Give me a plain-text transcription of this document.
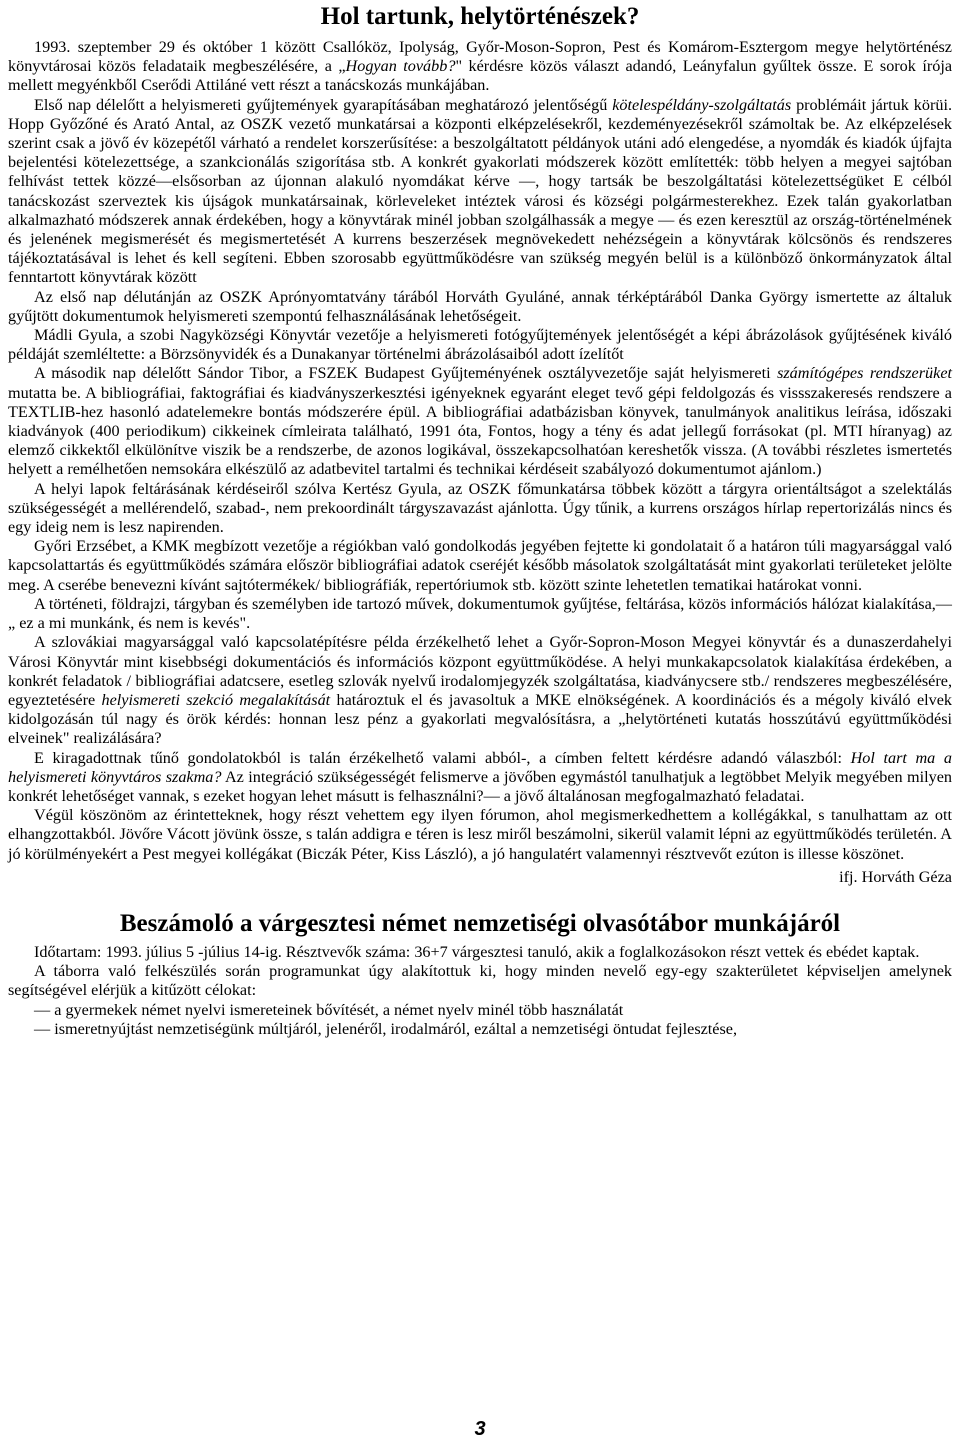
Hol tartunk, helytörténészek?

1993. szeptember 29 és október 1 között Csallóköz, Ipolyság, Győr-Moson-Sopron, Pest és Komárom-Esztergom megye helytörténész könyvtárosai közös feladataik megbeszélésére, a „Hogyan tovább?" kérdésre közös választ adandó, Leányfalun gyűltek össze. E sorok írója mellett megyénkből Cserődi Attiláné vett részt a tanácskozás munkájában.

Első nap délelőtt a helyismereti gyűjtemények gyarapításában meghatározó jelentőségű kötelespéldány-szolgáltatás problémáit jártuk körüi. Hopp Győzőné és Arató Antal, az OSZK vezető munkatársai a központi elképzelésekről, kezdeményezésekről számoltak be. Az elképzelések szerint csak a jövő év közepétől várható a rendelet korszerűsítése: a beszolgáltatott példányok utáni adó elengedése, a nyomdák és kiadók újfajta bejelentési kötelezettsége, a szankcionálás szigorítása stb. A konkrét gyakorlati módszerek között említették: több helyen a megyei sajtóban felhívást tettek közzé—elsősorban az újonnan alakuló nyomdákat kérve —, hogy tartsák be beszolgáltatási kötelezettségüket E célból tanácskozást szerveztek kis újságok munkatársainak, körleveleket intéztek városi és községi polgármesterekhez. Ezek talán gyakorlatban alkalmazható módszerek annak érdekében, hogy a könyvtárak minél jobban szolgálhassák a megye — és ezen keresztül az ország-történelmének és jelenének megismerését és megismertetését A kurrens beszerzések megnövekedett nehézségein a könyvtárak kölcsönös és rendszeres tájékoztatásával is lehet és kell segíteni. Ebben szorosabb együttműködésre van szükség megyén belül is a különböző önkormányzatok által fenntartott könyvtárak között

Az első nap délutánján az OSZK Aprónyomtatvány tárából Horváth Gyuláné, annak térképtárából Danka György ismertette az általuk gyűjtött dokumentumok helyismereti szempontú felhasználásának lehetőségeit.

Mádli Gyula, a szobi Nagyközségi Könyvtár vezetője a helyismereti fotógyűjtemények jelentőségét a képi ábrázolások gyűjtésének kiváló példáját szemléltette: a Börzsönyvidék és a Dunakanyar történelmi ábrázolásaiból adott ízelítőt

A második nap délelőtt Sándor Tibor, a FSZEK Budapest Gyűjteményének osztályvezetője saját helyismereti számítógépes rendszerüket mutatta be. A bibliográfiai, faktográfiai és kiadványszerkesztési igényeknek egyaránt eleget tevő gépi feldolgozás és vissszakeresés rendszere a TEXTLIB-hez hasonló adatelemekre bontás módszerére épül. A bibliográfiai adatbázisban könyvek, tanulmányok analitikus leírása, időszaki kiadványok (400 periodikum) cikkeinek címleirata található, 1991 óta, Fontos, hogy a tény és adat jellegű forrásokat (pl. MTI híranyag) az elemző cikkektől elkülönítve viszik be a rendszerbe, de azonos logikával, összekapcsolhatóan kereshetők vissza. (A további részletes ismertetés helyett a remélhetően nemsokára elkészülő az adatbevitel tartalmi és technikai kérdéseit szabályozó dokumentumot ajánlom.)

A helyi lapok feltárásának kérdéseiről szólva Kertész Gyula, az OSZK főmunkatársa többek között a tárgyra orientáltságot a szelektálás szükségességét a mellérendelő, szabad-, nem prekoordinált tárgyszavazást ajánlotta. Úgy tűnik, a kurrens országos hírlap repertorizálás nincs és egy ideig nem is lesz napirenden.

Győri Erzsébet, a KMK megbízott vezetője a régiókban való gondolkodás jegyében fejtette ki gondolatait ő a határon túli magyarsággal való kapcsolattartás és együttműködés számára először bibliográfiai adatok cseréjét később másolatok szolgáltatását mint gyakorlati területeket jelölte meg. A cserébe benevezni kívánt sajtótermékek/ bibliográfiák, repertóriumok stb. között szinte lehetetlen tematikai határokat vonni.

A történeti, földrajzi, tárgyban és személyben ide tartozó művek, dokumentumok gyűjtése, feltárása, közös információs hálózat kialakítása,—„ ez a mi munkánk, és nem is kevés".

A szlovákiai magyarsággal való kapcsolatépítésre példa érzékelhető lehet a Győr-Sopron-Moson Megyei könyvtár és a dunaszerdahelyi Városi Könyvtár mint kisebbségi dokumentációs és információs központ együttműködése. A helyi munkakapcsolatok kialakítása érdekében, a konkrét feladatok / bibliográfiai adatcsere, esetleg szlovák nyelvű irodalomjegyzék szolgáltatása, kiadványcsere stb./ rendszeres megbeszélésére, egyeztetésére helyismereti szekció megalakítását határoztuk el és javasoltuk a MKE elnökségének. A koordinációs és a mégoly kiváló elvek kidolgozásán túl nagy és örök kérdés: honnan lesz pénz a gyakorlati megvalósításra, a „helytörténeti kutatás hosszútávú együttműködési elveinek" realizálására?

E kiragadottnak tűnő gondolatokból is talán érzékelhető valami abból-, a címben feltett kérdésre adandó válaszból: Hol tart ma a helyismereti könyvtáros szakma? Az integráció szükségességét felismerve a jövőben egymástól tanulhatjuk a legtöbbet Melyik megyében milyen konkrét lehetőséget vannak, s ezeket hogyan lehet másutt is felhasználni?— a jövő általánosan megfogalmazható feladatai.

Végül köszönöm az érintetteknek, hogy részt vehettem egy ilyen fórumon, ahol megismerkedhettem a kollégákkal, s tanulhattam az ott elhangzottakból. Jövőre Vácott jövünk össze, s talán addigra e téren is lesz miről beszámolni, sikerül valamit lépni az együttműködés területén. A jó körülményekért a Pest megyei kollégákat (Biczák Péter, Kiss László), a jó hangulatért valamennyi résztvevőt ezúton is illesse köszönet.

ifj. Horváth Géza

Beszámoló a várgesztesi német nemzetiségi olvasótábor munkájáról

Időtartam: 1993. július 5 -július 14-ig. Résztvevők száma: 36+7 várgesztesi tanuló, akik a foglalkozásokon részt vettek és ebédet kaptak.

A táborra való felkészülés során programunkat úgy alakítottuk ki, hogy minden nevelő egy-egy szakterületet képviseljen amelynek segítségével elérjük a kitűzött célokat:

— a gyermekek német nyelvi ismereteinek bővítését, a német nyelv minél több használatát

— ismeretnyújtást nemzetiségünk múltjáról, jelenéről, irodalmáról, ezáltal a nemzetiségi öntudat fejlesztése,

3
